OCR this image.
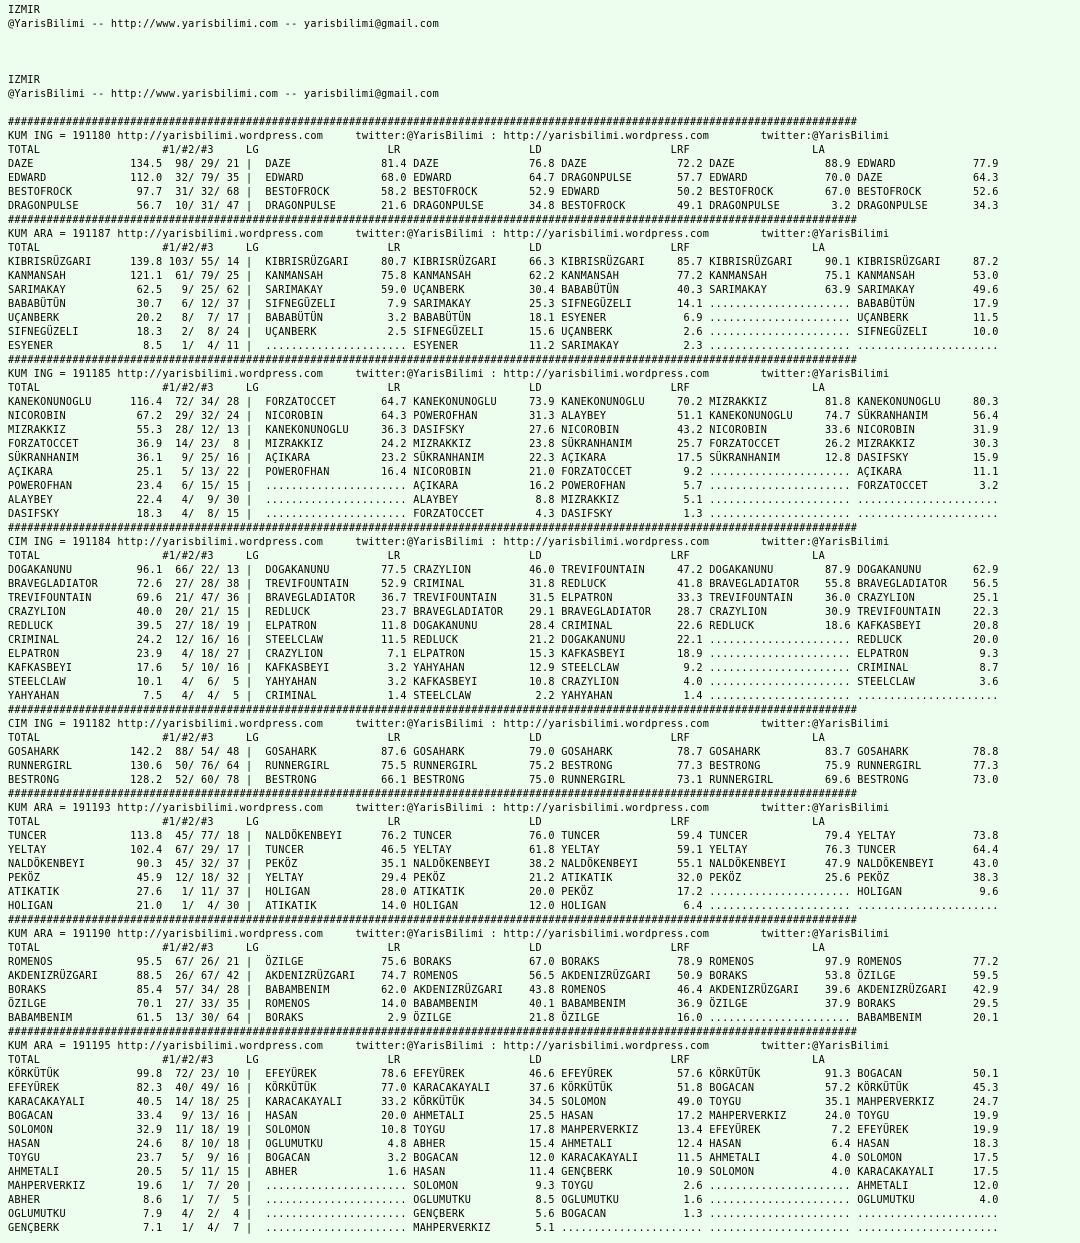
IZMIR
@YarisBilimi -- http://www.yarisbilimi.com -- yarisbilimi@gmail.com
IZMIR
@YarisBilimi -- http://www.yarisbilimi.com -- yarisbilimi@gmail.com
####################################################################################################################################
KUM ING = 191180 http://yarisbilimi.wordpress.com     twitter:@YarisBilimi : http://yarisbilimi.wordpress.com        twitter:@YarisBilimi
TOTAL                   #1/#2/#3     LG                    LR                    LD                    LRF                   LA
DAZE               134.5  98/ 29/ 21 |  DAZE              81.4 DAZE              76.8 DAZE              72.2 DAZE              88.9 EDWARD            77.9
EDWARD             112.0  32/ 79/ 35 |  EDWARD            68.0 EDWARD            64.7 DRAGONPULSE       57.7 EDWARD            70.0 DAZE              64.3
BESTOFROCK          97.7  31/ 32/ 68 |  BESTOFROCK        58.2 BESTOFROCK        52.9 EDWARD            50.2 BESTOFROCK        67.0 BESTOFROCK        52.6
DRAGONPULSE         56.7  10/ 31/ 47 |  DRAGONPULSE       21.6 DRAGONPULSE       34.8 BESTOFROCK        49.1 DRAGONPULSE        3.2 DRAGONPULSE       34.3
####################################################################################################################################
KUM ARA = 191187 http://yarisbilimi.wordpress.com     twitter:@YarisBilimi : http://yarisbilimi.wordpress.com        twitter:@YarisBilimi
TOTAL                   #1/#2/#3     LG                    LR                    LD                    LRF                   LA
KIBRISRÜZGARI      139.8 103/ 55/ 14 |  KIBRISRÜZGARI     80.7 KIBRISRÜZGARI     66.3 KIBRISRÜZGARI     85.7 KIBRISRÜZGARI     90.1 KIBRISRÜZGARI     87.2
KANMANSAH          121.1  61/ 79/ 25 |  KANMANSAH         75.8 KANMANSAH         62.2 KANMANSAH         77.2 KANMANSAH         75.1 KANMANSAH         53.0
SARIMAKAY           62.5   9/ 25/ 62 |  SARIMAKAY         59.0 UÇANBERK          30.4 BABABÜTÜN         40.3 SARIMAKAY         63.9 SARIMAKAY         49.6
BABABÜTÜN           30.7   6/ 12/ 37 |  SIFNEGÜZELI        7.9 SARIMAKAY         25.3 SIFNEGÜZELI       14.1 ...................... BABABÜTÜN         17.9
UÇANBERK            20.2   8/  7/ 17 |  BABABÜTÜN          3.2 BABABÜTÜN         18.1 ESYENER            6.9 ...................... UÇANBERK          11.5
SIFNEGÜZELI         18.3   2/  8/ 24 |  UÇANBERK           2.5 SIFNEGÜZELI       15.6 UÇANBERK           2.6 ...................... SIFNEGÜZELI       10.0
ESYENER              8.5   1/  4/ 11 |  ...................... ESYENER           11.2 SARIMAKAY          2.3 ...................... ......................
####################################################################################################################################
KUM ING = 191185 http://yarisbilimi.wordpress.com     twitter:@YarisBilimi : http://yarisbilimi.wordpress.com        twitter:@YarisBilimi
TOTAL                   #1/#2/#3     LG                    LR                    LD                    LRF                   LA
KANEKONUNOGLU      116.4  72/ 34/ 28 |  FORZATOCCET       64.7 KANEKONUNOGLU     73.9 KANEKONUNOGLU     70.2 MIZRAKKIZ         81.8 KANEKONUNOGLU     80.3
NICOROBIN           67.2  29/ 32/ 24 |  NICOROBIN         64.3 POWEROFHAN        31.3 ALAYBEY           51.1 KANEKONUNOGLU     74.7 SÜKRANHANIM       56.4
MIZRAKKIZ           55.3  28/ 12/ 13 |  KANEKONUNOGLU     36.3 DASIFSKY          27.6 NICOROBIN         43.2 NICOROBIN         33.6 NICOROBIN         31.9
FORZATOCCET         36.9  14/ 23/  8 |  MIZRAKKIZ         24.2 MIZRAKKIZ         23.8 SÜKRANHANIM       25.7 FORZATOCCET       26.2 MIZRAKKIZ         30.3
SÜKRANHANIM         36.1   9/ 25/ 16 |  AÇIKARA           23.2 SÜKRANHANIM       22.3 AÇIKARA           17.5 SÜKRANHANIM       12.8 DASIFSKY          15.9
AÇIKARA             25.1   5/ 13/ 22 |  POWEROFHAN        16.4 NICOROBIN         21.0 FORZATOCCET        9.2 ...................... AÇIKARA           11.1
POWEROFHAN          23.4   6/ 15/ 15 |  ...................... AÇIKARA           16.2 POWEROFHAN         5.7 ...................... FORZATOCCET        3.2
ALAYBEY             22.4   4/  9/ 30 |  ...................... ALAYBEY            8.8 MIZRAKKIZ          5.1 ...................... ......................
DASIFSKY            18.3   4/  8/ 15 |  ...................... FORZATOCCET        4.3 DASIFSKY           1.3 ...................... ......................
####################################################################################################################################
CIM ING = 191184 http://yarisbilimi.wordpress.com     twitter:@YarisBilimi : http://yarisbilimi.wordpress.com        twitter:@YarisBilimi
TOTAL                   #1/#2/#3     LG                    LR                    LD                    LRF                   LA
DOGAKANUNU          96.1  66/ 22/ 13 |  DOGAKANUNU        77.5 CRAZYLION         46.0 TREVIFOUNTAIN     47.2 DOGAKANUNU        87.9 DOGAKANUNU        62.9
BRAVEGLADIATOR      72.6  27/ 28/ 38 |  TREVIFOUNTAIN     52.9 CRIMINAL          31.8 REDLUCK           41.8 BRAVEGLADIATOR    55.8 BRAVEGLADIATOR    56.5
TREVIFOUNTAIN       69.6  21/ 47/ 36 |  BRAVEGLADIATOR    36.7 TREVIFOUNTAIN     31.5 ELPATRON          33.3 TREVIFOUNTAIN     36.0 CRAZYLION         25.1
CRAZYLION           40.0  20/ 21/ 15 |  REDLUCK           23.7 BRAVEGLADIATOR    29.1 BRAVEGLADIATOR    28.7 CRAZYLION         30.9 TREVIFOUNTAIN     22.3
REDLUCK             39.5  27/ 18/ 19 |  ELPATRON          11.8 DOGAKANUNU        28.4 CRIMINAL          22.6 REDLUCK           18.6 KAFKASBEYI        20.8
CRIMINAL            24.2  12/ 16/ 16 |  STEELCLAW         11.5 REDLUCK           21.2 DOGAKANUNU        22.1 ...................... REDLUCK           20.0
ELPATRON            23.9   4/ 18/ 27 |  CRAZYLION          7.1 ELPATRON          15.3 KAFKASBEYI        18.9 ...................... ELPATRON           9.3
KAFKASBEYI          17.6   5/ 10/ 16 |  KAFKASBEYI         3.2 YAHYAHAN          12.9 STEELCLAW          9.2 ...................... CRIMINAL           8.7
STEELCLAW           10.1   4/  6/  5 |  YAHYAHAN           3.2 KAFKASBEYI        10.8 CRAZYLION          4.0 ...................... STEELCLAW          3.6
YAHYAHAN             7.5   4/  4/  5 |  CRIMINAL           1.4 STEELCLAW          2.2 YAHYAHAN           1.4 ...................... ......................
####################################################################################################################################
CIM ING = 191182 http://yarisbilimi.wordpress.com     twitter:@YarisBilimi : http://yarisbilimi.wordpress.com        twitter:@YarisBilimi
TOTAL                   #1/#2/#3     LG                    LR                    LD                    LRF                   LA
GOSAHARK           142.2  88/ 54/ 48 |  GOSAHARK          87.6 GOSAHARK          79.0 GOSAHARK          78.7 GOSAHARK          83.7 GOSAHARK          78.8
RUNNERGIRL         130.6  50/ 76/ 64 |  RUNNERGIRL        75.5 RUNNERGIRL        75.2 BESTRONG          77.3 BESTRONG          75.9 RUNNERGIRL        77.3
BESTRONG           128.2  52/ 60/ 78 |  BESTRONG          66.1 BESTRONG          75.0 RUNNERGIRL        73.1 RUNNERGIRL        69.6 BESTRONG          73.0
####################################################################################################################################
KUM ARA = 191193 http://yarisbilimi.wordpress.com     twitter:@YarisBilimi : http://yarisbilimi.wordpress.com        twitter:@YarisBilimi
TOTAL                   #1/#2/#3     LG                    LR                    LD                    LRF                   LA
TUNCER             113.8  45/ 77/ 18 |  NALDÖKENBEYI      76.2 TUNCER            76.0 TUNCER            59.4 TUNCER            79.4 YELTAY            73.8
YELTAY             102.4  67/ 29/ 17 |  TUNCER            46.5 YELTAY            61.8 YELTAY            59.1 YELTAY            76.3 TUNCER            64.4
NALDÖKENBEYI        90.3  45/ 32/ 37 |  PEKÖZ             35.1 NALDÖKENBEYI      38.2 NALDÖKENBEYI      55.1 NALDÖKENBEYI      47.9 NALDÖKENBEYI      43.0
PEKÖZ               45.9  12/ 18/ 32 |  YELTAY            29.4 PEKÖZ             21.2 ATIKATIK          32.0 PEKÖZ             25.6 PEKÖZ             38.3
ATIKATIK            27.6   1/ 11/ 37 |  HOLIGAN           28.0 ATIKATIK          20.0 PEKÖZ             17.2 ...................... HOLIGAN            9.6
HOLIGAN             21.0   1/  4/ 30 |  ATIKATIK          14.0 HOLIGAN           12.0 HOLIGAN            6.4 ...................... ......................
####################################################################################################################################
KUM ARA = 191190 http://yarisbilimi.wordpress.com     twitter:@YarisBilimi : http://yarisbilimi.wordpress.com        twitter:@YarisBilimi
TOTAL                   #1/#2/#3     LG                    LR                    LD                    LRF                   LA
ROMENOS             95.5  67/ 26/ 21 |  ÖZILGE            75.6 BORAKS            67.0 BORAKS            78.9 ROMENOS           97.9 ROMENOS           77.2
AKDENIZRÜZGARI      88.5  26/ 67/ 42 |  AKDENIZRÜZGARI    74.7 ROMENOS           56.5 AKDENIZRÜZGARI    50.9 BORAKS            53.8 ÖZILGE            59.5
BORAKS              85.4  57/ 34/ 28 |  BABAMBENIM        62.0 AKDENIZRÜZGARI    43.8 ROMENOS           46.4 AKDENIZRÜZGARI    39.6 AKDENIZRÜZGARI    42.9
ÖZILGE              70.1  27/ 33/ 35 |  ROMENOS           14.0 BABAMBENIM        40.1 BABAMBENIM        36.9 ÖZILGE            37.9 BORAKS            29.5
BABAMBENIM          61.5  13/ 30/ 64 |  BORAKS             2.9 ÖZILGE            21.8 ÖZILGE            16.0 ...................... BABAMBENIM        20.1
####################################################################################################################################
KUM ARA = 191195 http://yarisbilimi.wordpress.com     twitter:@YarisBilimi : http://yarisbilimi.wordpress.com        twitter:@YarisBilimi
TOTAL                   #1/#2/#3     LG                    LR                    LD                    LRF                   LA
KÖRKÜTÜK            99.8  72/ 23/ 10 |  EFEYÜREK          78.6 EFEYÜREK          46.6 EFEYÜREK          57.6 KÖRKÜTÜK          91.3 BOGACAN           50.1
EFEYÜREK            82.3  40/ 49/ 16 |  KÖRKÜTÜK          77.0 KARACAKAYALI      37.6 KÖRKÜTÜK          51.8 BOGACAN           57.2 KÖRKÜTÜK          45.3
KARACAKAYALI        40.5  14/ 18/ 25 |  KARACAKAYALI      33.2 KÖRKÜTÜK          34.5 SOLOMON           49.0 TOYGU             35.1 MAHPERVERKIZ      24.7
BOGACAN             33.4   9/ 13/ 16 |  HASAN             20.0 AHMETALI          25.5 HASAN             17.2 MAHPERVERKIZ      24.0 TOYGU             19.9
SOLOMON             32.9  11/ 18/ 19 |  SOLOMON           10.8 TOYGU             17.8 MAHPERVERKIZ      13.4 EFEYÜREK           7.2 EFEYÜREK          19.9
HASAN               24.6   8/ 10/ 18 |  OGLUMUTKU          4.8 ABHER             15.4 AHMETALI          12.4 HASAN              6.4 HASAN             18.3
TOYGU               23.7   5/  9/ 16 |  BOGACAN            3.2 BOGACAN           12.0 KARACAKAYALI      11.5 AHMETALI           4.0 SOLOMON           17.5
AHMETALI            20.5   5/ 11/ 15 |  ABHER              1.6 HASAN             11.4 GENÇBERK          10.9 SOLOMON            4.0 KARACAKAYALI      17.5
MAHPERVERKIZ        19.6   1/  7/ 20 |  ...................... SOLOMON            9.3 TOYGU              2.6 ...................... AHMETALI          12.0
ABHER                8.6   1/  7/  5 |  ...................... OGLUMUTKU          8.5 OGLUMUTKU          1.6 ...................... OGLUMUTKU          4.0
OGLUMUTKU            7.9   4/  2/  4 |  ...................... GENÇBERK           5.6 BOGACAN            1.3 ...................... ......................
GENÇBERK             7.1   1/  4/  7 |  ...................... MAHPERVERKIZ       5.1 ...................... ...................... ......................
